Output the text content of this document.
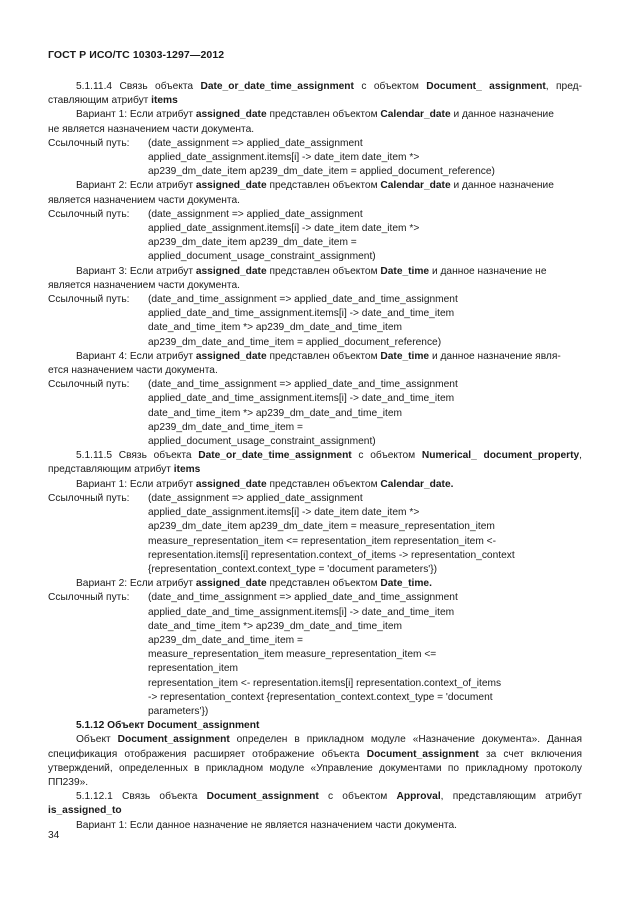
ГОСТ Р ИСО/ТС 10303-1297—2012
5.1.11.4 Связь объекта Date_or_date_time_assignment с объектом Document_ assignment, пред-
ставляющим атрибут items
Вариант 1: Если атрибут assigned_date представлен объектом Calendar_date и данное назначение
не является назначением части документа.
Ссылочный путь: (date_assignment => applied_date_assignment
applied_date_assignment.items[i] -> date_item date_item *>
ap239_dm_date_item ap239_dm_date_item = applied_document_reference)
Вариант 2: Если атрибут assigned_date представлен объектом Calendar_date и данное назначение
является назначением части документа.
Ссылочный путь: (date_assignment => applied_date_assignment
applied_date_assignment.items[i] -> date_item date_item *>
ap239_dm_date_item ap239_dm_date_item =
applied_document_usage_constraint_assignment)
Вариант 3: Если атрибут assigned_date представлен объектом Date_time и данное назначение не
является назначением части документа.
Ссылочный путь: (date_and_time_assignment => applied_date_and_time_assignment
applied_date_and_time_assignment.items[i] -> date_and_time_item
date_and_time_item *> ap239_dm_date_and_time_item
ap239_dm_date_and_time_item = applied_document_reference)
Вариант 4: Если атрибут assigned_date представлен объектом Date_time и данное назначение явля-
ется назначением части документа.
Ссылочный путь: (date_and_time_assignment => applied_date_and_time_assignment
applied_date_and_time_assignment.items[i] -> date_and_time_item
date_and_time_item *> ap239_dm_date_and_time_item
ap239_dm_date_and_time_item =
applied_document_usage_constraint_assignment)
5.1.11.5 Связь объекта Date_or_date_time_assignment с объектом Numerical_ document_property,
представляющим атрибут items
Вариант 1: Если атрибут assigned_date представлен объектом Calendar_date.
Ссылочный путь: (date_assignment => applied_date_assignment
applied_date_assignment.items[i] -> date_item date_item *>
ap239_dm_date_item ap239_dm_date_item = measure_representation_item
measure_representation_item <= representation_item representation_item <-
representation.items[i] representation.context_of_items -> representation_context
{representation_context.context_type = 'document parameters'})
Вариант 2: Если атрибут assigned_date представлен объектом Date_time.
Ссылочный путь: (date_and_time_assignment => applied_date_and_time_assignment
applied_date_and_time_assignment.items[i] -> date_and_time_item
date_and_time_item *> ap239_dm_date_and_time_item
ap239_dm_date_and_time_item =
measure_representation_item measure_representation_item <=
representation_item
representation_item <- representation.items[i] representation.context_of_items
-> representation_context {representation_context.context_type = 'document
parameters'})
5.1.12 Объект Document_assignment
Объект Document_assignment определен в прикладном модуле «Назначение документа». Данная
спецификация отображения расширяет отображение объекта Document_assignment за счет включения
утверждений, определенных в прикладном модуле «Управление документами по прикладному протоколу
ПП239».
5.1.12.1 Связь объекта Document_assignment с объектом Approval, представляющим атрибут
is_assigned_to
Вариант 1: Если данное назначение не является назначением части документа.
34
